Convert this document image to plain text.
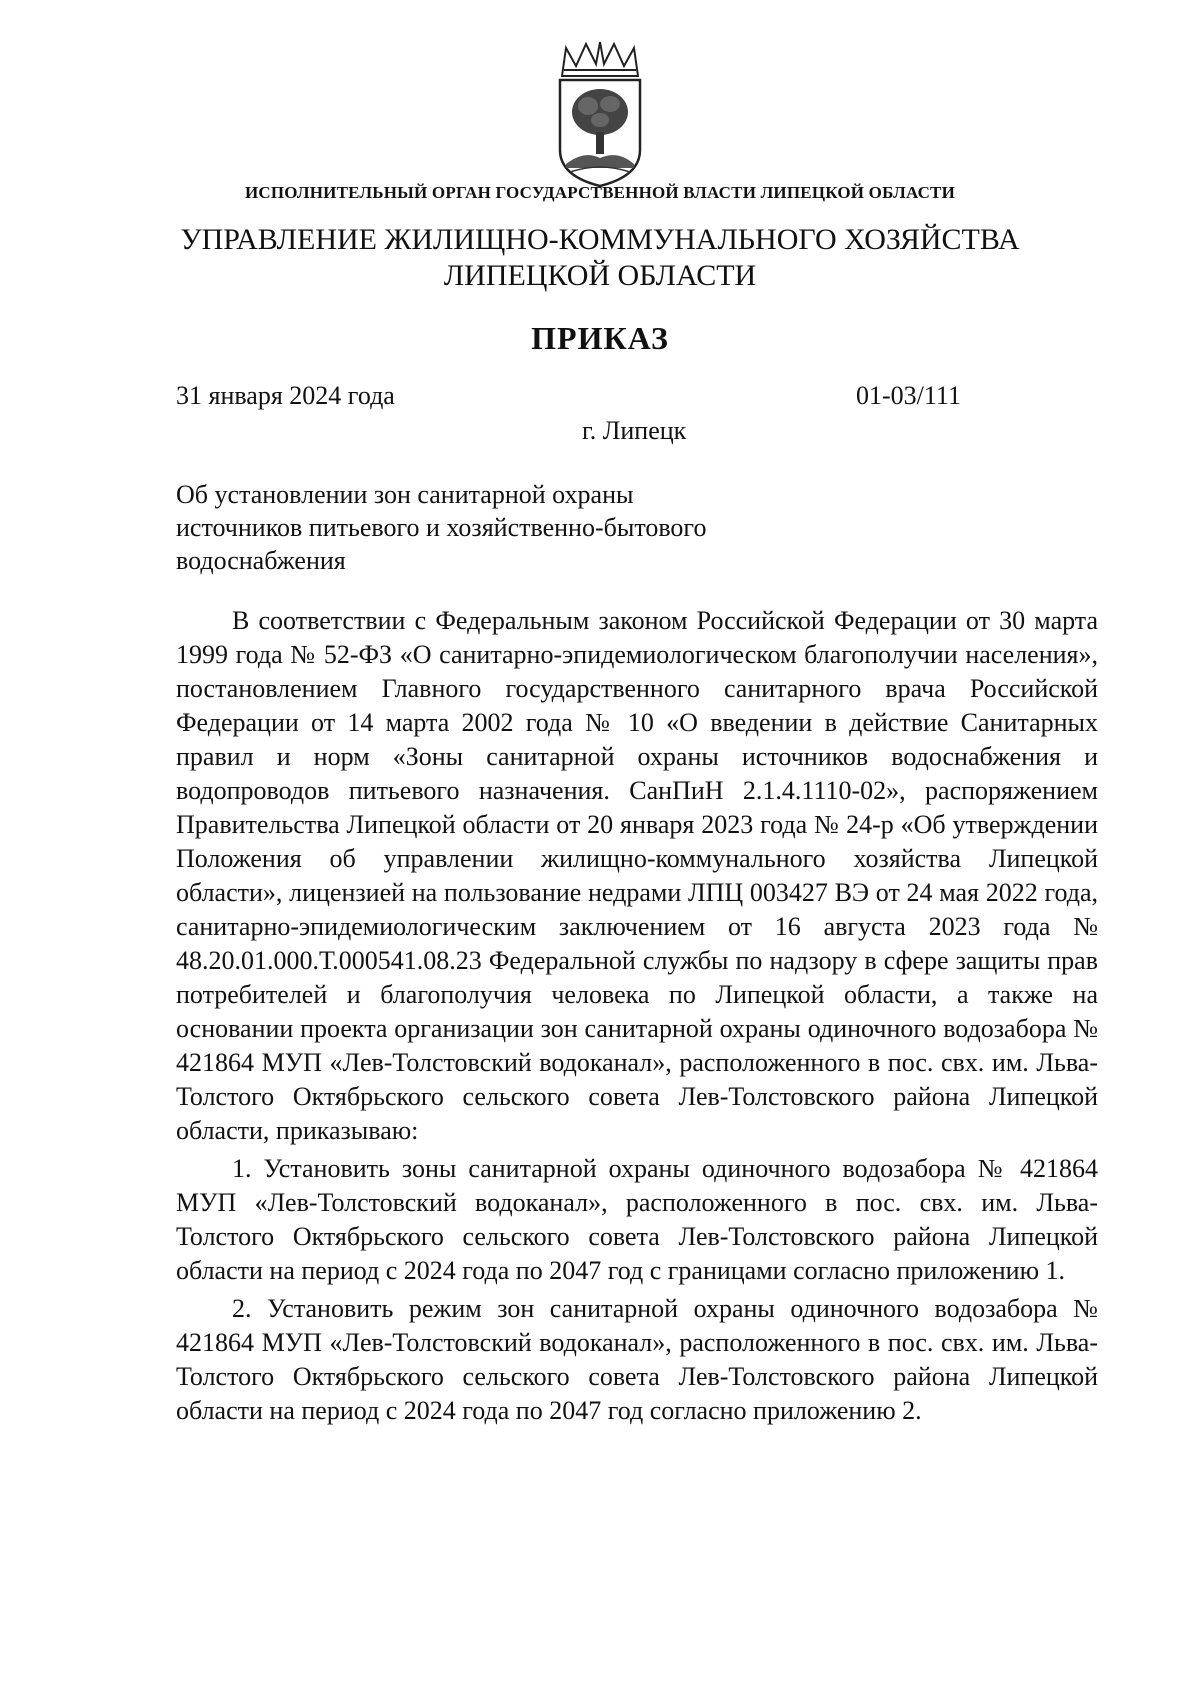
ИСПОЛНИТЕЛЬНЫЙ ОРГАН ГОСУДАРСТВЕННОЙ ВЛАСТИ ЛИПЕЦКОЙ ОБЛАСТИ
УПРАВЛЕНИЕ ЖИЛИЩНО-КОММУНАЛЬНОГО ХОЗЯЙСТВА
ЛИПЕЦКОЙ ОБЛАСТИ
ПРИКАЗ
31 января 2024 года	01-03/111
г. Липецк
Об установлении зон санитарной охраны
источников питьевого и хозяйственно-бытового
водоснабжения

В соответствии с Федеральным законом Российской Федерации от 30 марта 1999 года № 52-ФЗ «О санитарно-эпидемиологическом благополучии населения», постановлением Главного государственного санитарного врача Российской Федерации от 14 марта 2002 года № 10 «О введении в действие Санитарных правил и норм «Зоны санитарной охраны источников водоснабжения и водопроводов питьевого назначения. СанПиН 2.1.4.1110-02», распоряжением Правительства Липецкой области от 20 января 2023 года № 24-р «Об утверждении Положения об управлении жилищно-коммунального хозяйства Липецкой области», лицензией на пользование недрами ЛПЦ 003427 ВЭ от 24 мая 2022 года, санитарно-эпидемиологическим заключением от 16 августа 2023 года № 48.20.01.000.Т.000541.08.23 Федеральной службы по надзору в сфере защиты прав потребителей и благополучия человека по Липецкой области, а также на основании проекта организации зон санитарной охраны одиночного водозабора № 421864 МУП «Лев-Толстовский водоканал», расположенного в пос. свх. им. Льва-Толстого Октябрьского сельского совета Лев-Толстовского района Липецкой области, приказываю:

1. Установить зоны санитарной охраны одиночного водозабора № 421864 МУП «Лев-Толстовский водоканал», расположенного в пос. свх. им. Льва-Толстого Октябрьского сельского совета Лев-Толстовского района Липецкой области на период с 2024 года по 2047 год с границами согласно приложению 1.

2. Установить режим зон санитарной охраны одиночного водозабора № 421864 МУП «Лев-Толстовский водоканал», расположенного в пос. свх. им. Льва-Толстого Октябрьского сельского совета Лев-Толстовского района Липецкой области на период с 2024 года по 2047 год согласно приложению 2.
